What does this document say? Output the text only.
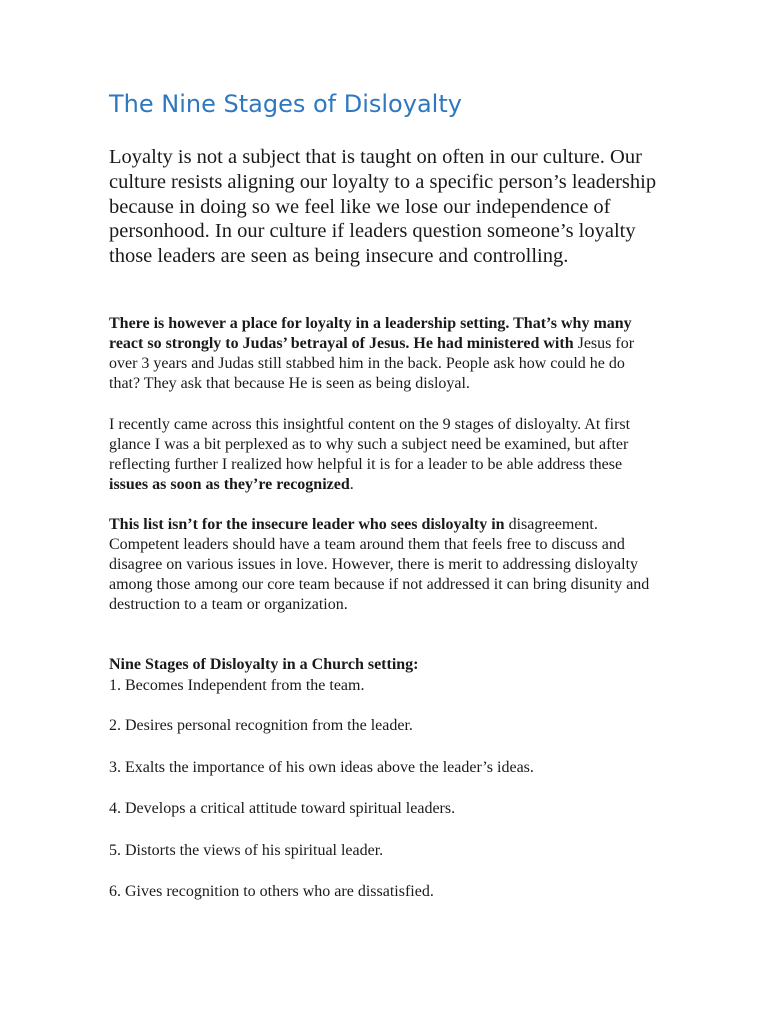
The Nine Stages of Disloyalty

Loyalty is not a subject that is taught on often in our culture. Our culture resists aligning our loyalty to a specific person’s leadership because in doing so we feel like we lose our independence of personhood. In our culture if leaders question someone’s loyalty those leaders are seen as being insecure and controlling.

There is however a place for loyalty in a leadership setting. That’s why many react so strongly to Judas’ betrayal of Jesus. He had ministered with Jesus for over 3 years and Judas still stabbed him in the back. People ask how could he do that? They ask that because He is seen as being disloyal.

I recently came across this insightful content on the 9 stages of disloyalty. At first glance I was a bit perplexed as to why such a subject need be examined, but after reflecting further I realized how helpful it is for a leader to be able address these issues as soon as they’re recognized.

This list isn’t for the insecure leader who sees disloyalty in disagreement. Competent leaders should have a team around them that feels free to discuss and disagree on various issues in love. However, there is merit to addressing disloyalty among those among our core team because if not addressed it can bring disunity and destruction to a team or organization.

Nine Stages of Disloyalty in a Church setting:

1. Becomes Independent from the team.

2. Desires personal recognition from the leader.

3. Exalts the importance of his own ideas above the leader’s ideas.

4. Develops a critical attitude toward spiritual leaders.

5. Distorts the views of his spiritual leader.

6. Gives recognition to others who are dissatisfied.
